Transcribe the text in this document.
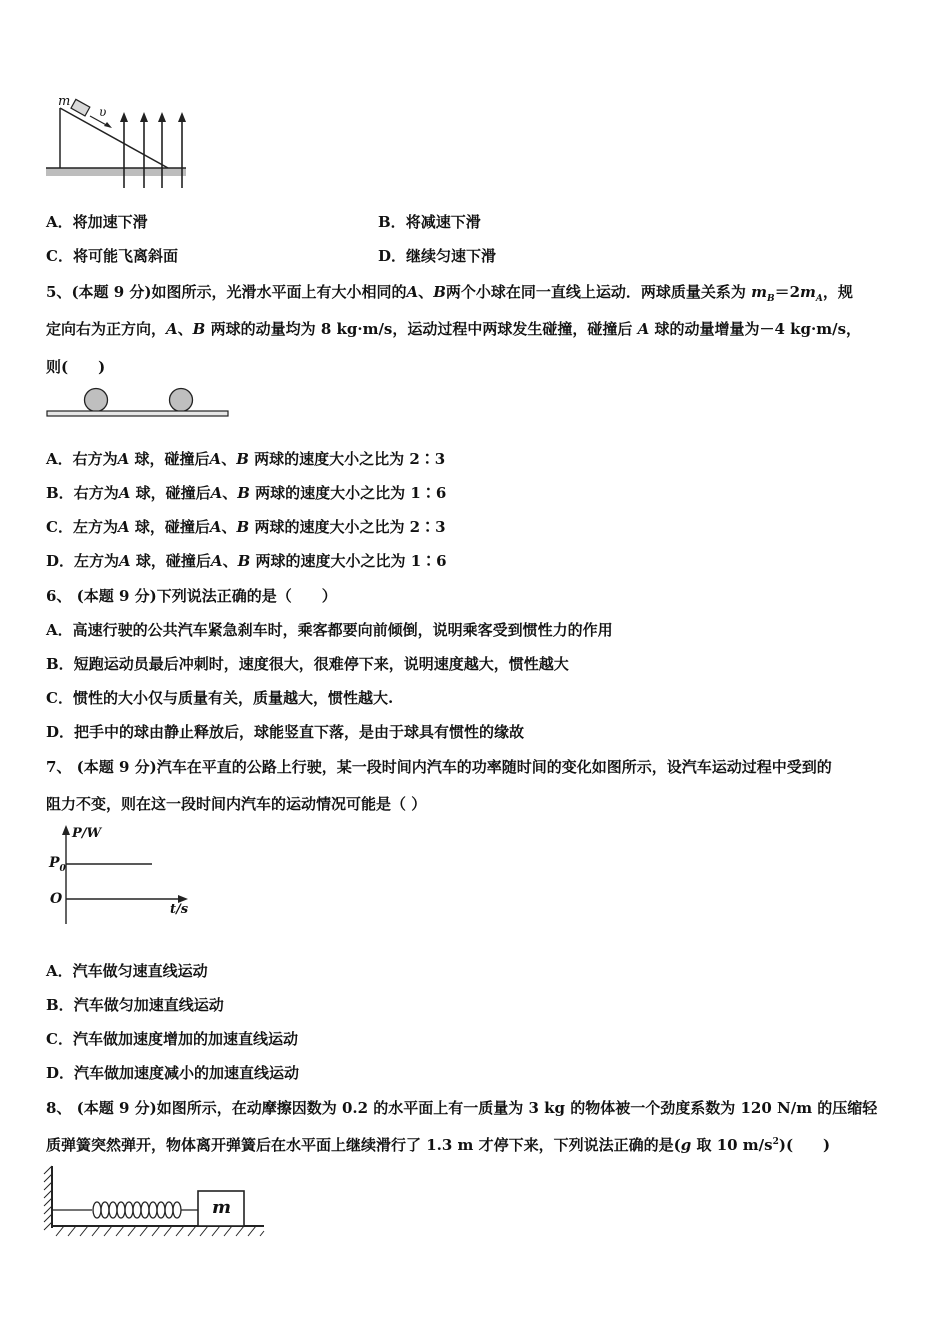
m
υ
A．将加速下滑	B．将减速下滑
C．将可能飞离斜面	D．继续匀速下滑
5、(本题 9 分)如图所示，光滑水平面上有大小相同的A、B两个小球在同一直线上运动．两球质量关系为 $m_B=2m_A$，规
定向右为正方向，A、B 两球的动量均为 8 kg·m/s，运动过程中两球发生碰撞，碰撞后 A 球的动量增量为－4 kg·m/s，
则(　　)
A．右方为A 球，碰撞后A、B 两球的速度大小之比为 2∶3
B．右方为A 球，碰撞后A、B 两球的速度大小之比为 1∶6
C．左方为A 球，碰撞后A、B 两球的速度大小之比为 2∶3
D．左方为A 球，碰撞后A、B 两球的速度大小之比为 1∶6
6、 (本题 9 分)下列说法正确的是（　　）
A．高速行驶的公共汽车紧急刹车时，乘客都要向前倾倒，说明乘客受到惯性力的作用
B．短跑运动员最后冲刺时，速度很大，很难停下来，说明速度越大，惯性越大
C．惯性的大小仅与质量有关，质量越大，惯性越大.
D．把手中的球由静止释放后，球能竖直下落，是由于球具有惯性的缘故
7、 (本题 9 分)汽车在平直的公路上行驶，某一段时间内汽车的功率随时间的变化如图所示，设汽车运动过程中受到的
阻力不变，则在这一段时间内汽车的运动情况可能是（ ）
P/W
$P_0$
O
t/s
A．汽车做匀速直线运动
B．汽车做匀加速直线运动
C．汽车做加速度增加的加速直线运动
D．汽车做加速度减小的加速直线运动
8、 (本题 9 分)如图所示，在动摩擦因数为 0.2 的水平面上有一质量为 3 kg 的物体被一个劲度系数为 120 N/m 的压缩轻
质弹簧突然弹开，物体离开弹簧后在水平面上继续滑行了 1.3 m 才停下来，下列说法正确的是(g 取 10 $m/s^2$)(　　)
m
